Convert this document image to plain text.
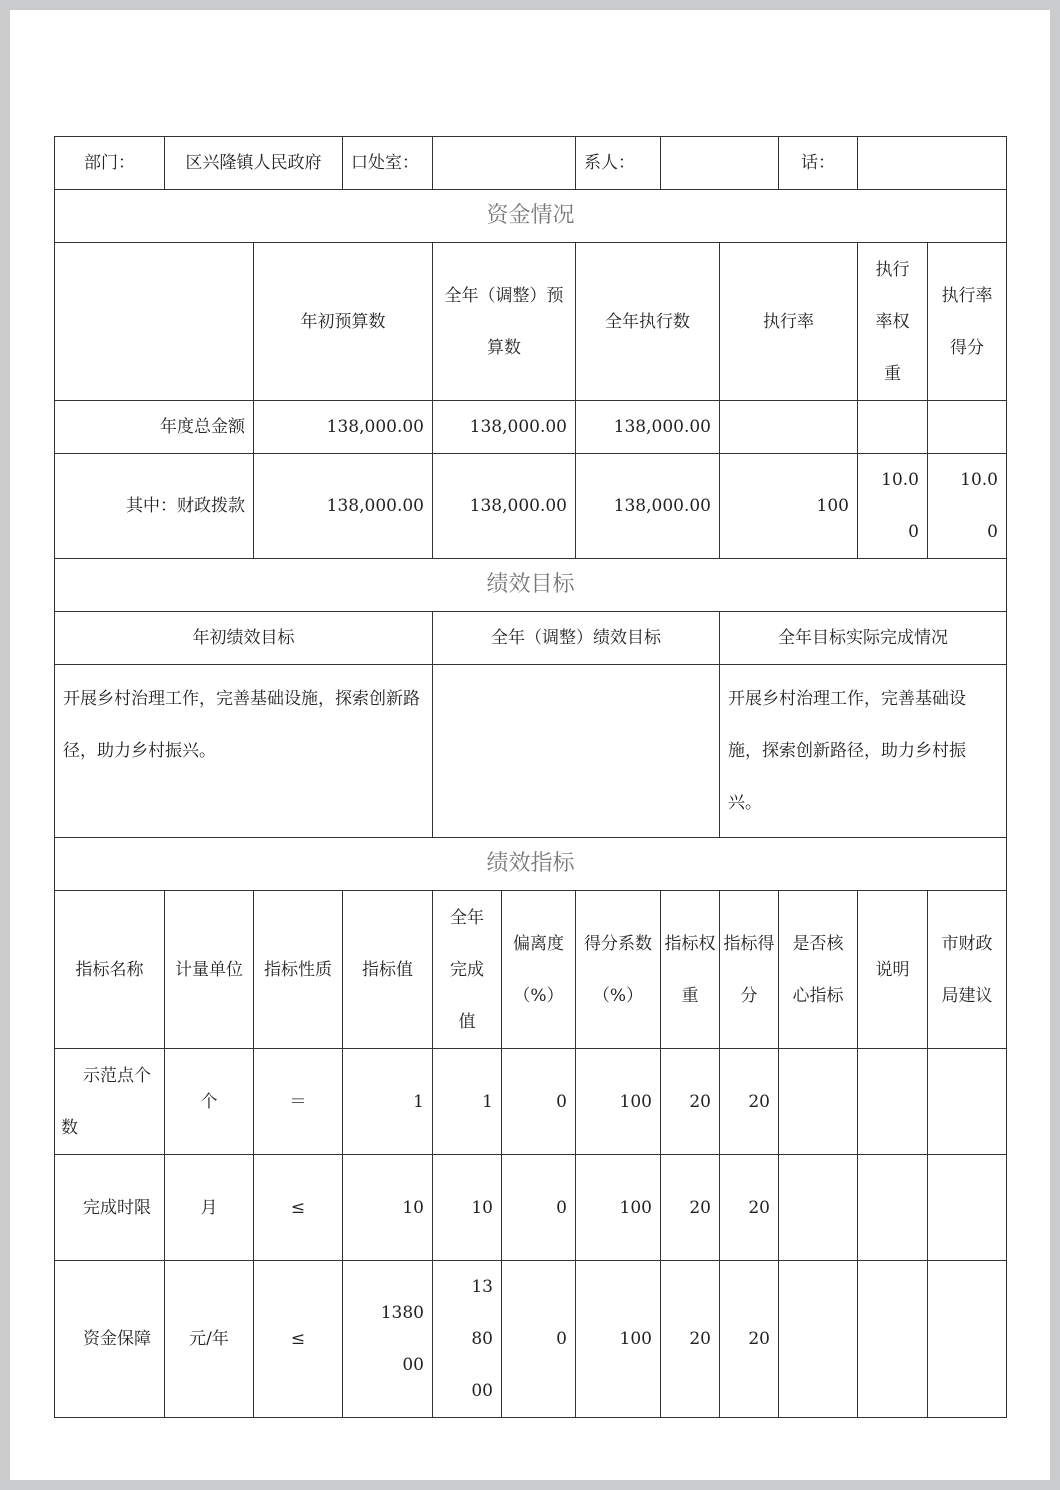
部门：	区兴隆镇人民政府		口处室：			系人：			话：		
资金情况											
		年初预算数		全年（调整）预算数		全年执行数		执行率		执行率权重	执行率得分
年度总金额		138,000.00		138,000.00		138,000.00					
其中：财政拨款		138,000.00		138,000.00		138,000.00		100		10.00	10.00
绩效目标											
年初绩效目标				全年（调整）绩效目标				全年目标实际完成情况			
开展乡村治理工作，完善基础设施，探索创新路径，助力乡村振兴。								开展乡村治理工作，完善基础设施，探索创新路径，助力乡村振兴。			
绩效指标											
指标名称	计量单位	指标性质	指标值	全年完成值	偏离度（%）	得分系数（%）	指标权重	指标得分	是否核心指标	说明	市财政局建议
示范点个数	个	＝	1	1	0	100	20	20			
完成时限	月	≤	10	10	0	100	20	20			
资金保障	元/年	≤	138000	138000	0	100	20	20			
